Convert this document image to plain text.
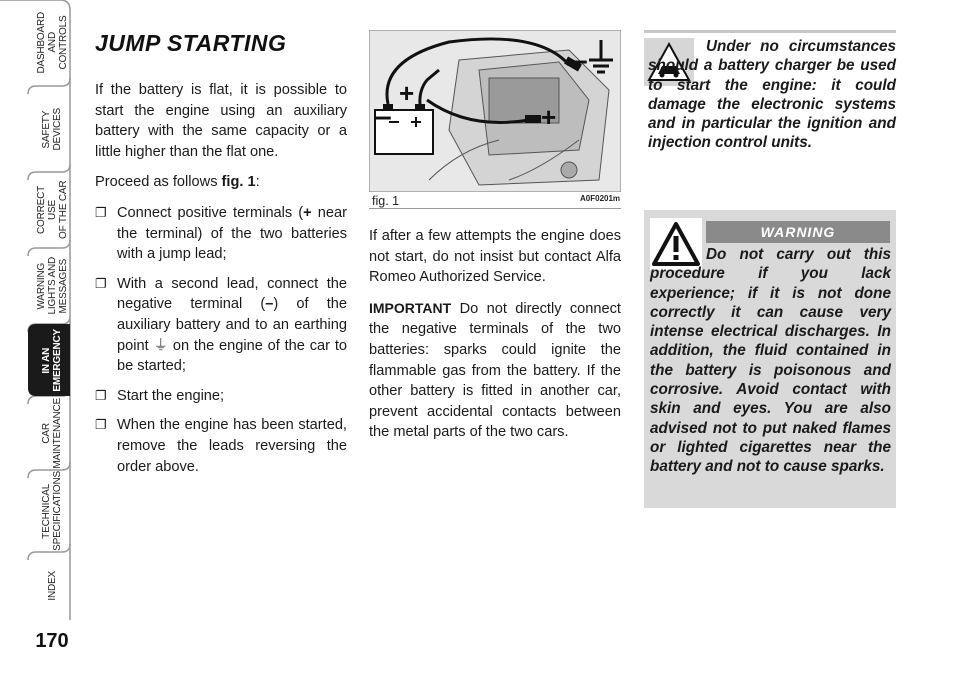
DASHBOARD
AND
CONTROLS
SAFETY
DEVICES
CORRECT USE
OF THE CAR
WARNING
LIGHTS AND
MESSAGES
IN AN
EMERGENCY
CAR
MAINTENANCE
TECHNICAL
SPECIFICATIONS
INDEX
170
JUMP STARTING

If the battery is flat, it is possible to start the engine using an auxiliary battery with the same capacity or a little higher than the flat one.

Proceed as follows fig. 1:

❐ Connect positive terminals (+ near the terminal) of the two batteries with a jump lead;
❐ With a second lead, connect the negative terminal (–) of the auxiliary battery and to an earthing point ⏚ on the engine of the car to be started;
❐ Start the engine;
❐ When the engine has been started, remove the leads reversing the order above.
–
+
+
–
fig. 1	A0F0201m

If after a few attempts the engine does not start, do not insist but contact Alfa Romeo Authorized Service.

IMPORTANT Do not directly connect the negative terminals of the two batteries: sparks could ignite the flammable gas from the battery. If the other battery is fitted in another car, prevent accidental contacts between the metal parts of the two cars.

Under no circumstances should a battery charger be used to start the engine: it could damage the electronic systems and in particular the ignition and injection control units.
WARNING
Do not carry out this procedure if you lack experience; if it is not done correctly it can cause very intense electrical discharges. In addition, the fluid contained in the battery is poisonous and corrosive. Avoid contact with skin and eyes. You are also advised not to put naked flames or lighted cigarettes near the battery and not to cause sparks.
